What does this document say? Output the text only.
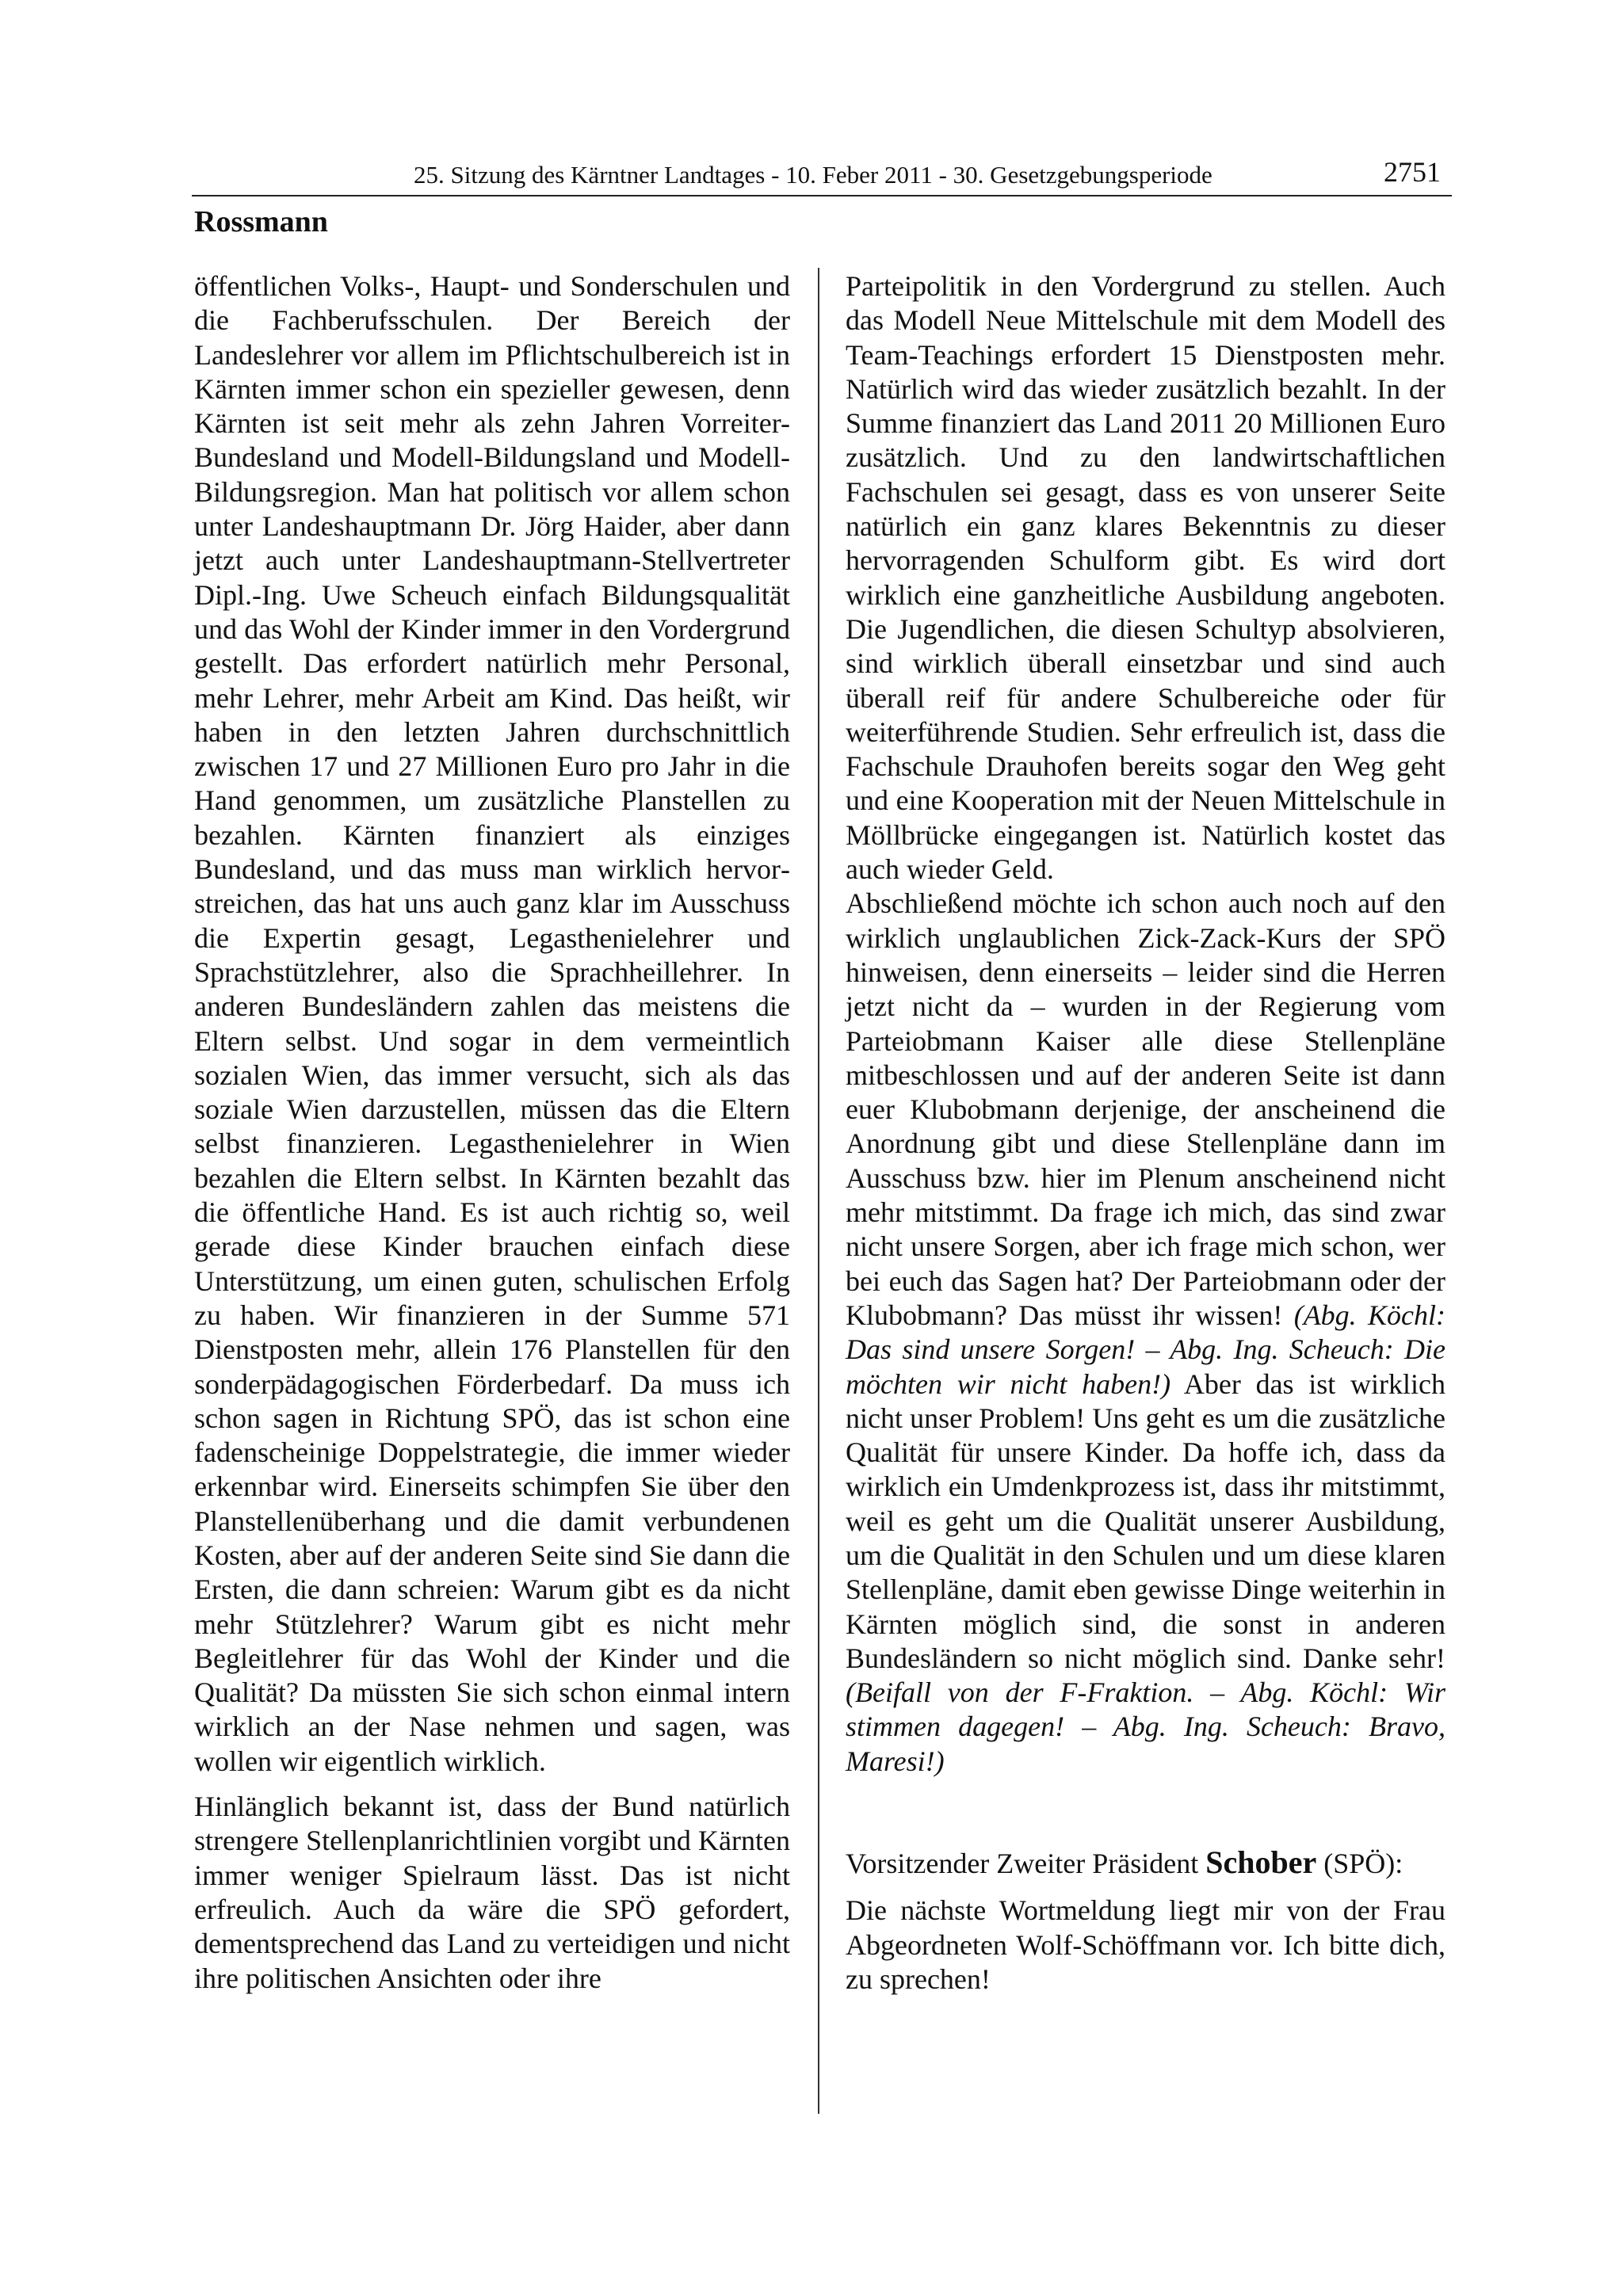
25. Sitzung des Kärntner Landtages - 10. Feber 2011 - 30. Gesetzgebungsperiode	2751
Rossmann

öffentlichen Volks-, Haupt- und Sonderschulen und die Fachberufsschulen. Der Bereich der Landeslehrer vor allem im Pflichtschulbereich ist in Kärnten immer schon ein spezieller gewesen, denn Kärnten ist seit mehr als zehn Jahren Vorreiter-Bundesland und Modell-Bildungsland und Modell-Bildungsregion. Man hat politisch vor allem schon unter Landeshauptmann Dr. Jörg Haider, aber dann jetzt auch unter Landeshauptmann-Stellvertreter Dipl.-Ing. Uwe Scheuch einfach Bildungsqualität und das Wohl der Kinder immer in den Vordergrund gestellt. Das erfordert natürlich mehr Personal, mehr Lehrer, mehr Arbeit am Kind. Das heißt, wir haben in den letzten Jahren durchschnittlich zwischen 17 und 27 Millionen Euro pro Jahr in die Hand genommen, um zusätzliche Planstellen zu bezahlen. Kärnten finanziert als einziges Bundesland, und das muss man wirklich hervorstreichen, das hat uns auch ganz klar im Ausschuss die Expertin gesagt, Legasthenielehrer und Sprachstützlehrer, also die Sprachheillehrer. In anderen Bundesländern zahlen das meistens die Eltern selbst. Und sogar in dem vermeintlich sozialen Wien, das immer versucht, sich als das soziale Wien darzustellen, müssen das die Eltern selbst finanzieren. Legasthenielehrer in Wien bezahlen die Eltern selbst. In Kärnten bezahlt das die öffentliche Hand. Es ist auch richtig so, weil gerade diese Kinder brauchen einfach diese Unterstützung, um einen guten, schulischen Erfolg zu haben. Wir finanzieren in der Summe 571 Dienstposten mehr, allein 176 Planstellen für den sonderpädagogischen Förderbedarf. Da muss ich schon sagen in Richtung SPÖ, das ist schon eine fadenscheinige Doppelstrategie, die immer wieder erkennbar wird. Einerseits schimpfen Sie über den Planstellenüberhang und die damit verbundenen Kosten, aber auf der anderen Seite sind Sie dann die Ersten, die dann schreien: Warum gibt es da nicht mehr Stützlehrer? Warum gibt es nicht mehr Begleitlehrer für das Wohl der Kinder und die Qualität? Da müssten Sie sich schon einmal intern wirklich an der Nase nehmen und sagen, was wollen wir eigentlich wirklich.

Hinlänglich bekannt ist, dass der Bund natürlich strengere Stellenplanrichtlinien vorgibt und Kärnten immer weniger Spielraum lässt. Das ist nicht erfreulich. Auch da wäre die SPÖ gefordert, dementsprechend das Land zu verteidigen und nicht ihre politischen Ansichten oder ihre

Parteipolitik in den Vordergrund zu stellen. Auch das Modell Neue Mittelschule mit dem Modell des Team-Teachings erfordert 15 Dienstposten mehr. Natürlich wird das wieder zusätzlich bezahlt. In der Summe finanziert das Land 2011 20 Millionen Euro zusätzlich. Und zu den landwirtschaftlichen Fachschulen sei gesagt, dass es von unserer Seite natürlich ein ganz klares Bekenntnis zu dieser hervorragenden Schulform gibt. Es wird dort wirklich eine ganzheitliche Ausbildung angeboten. Die Jugendlichen, die diesen Schultyp absolvieren, sind wirklich überall einsetzbar und sind auch überall reif für andere Schulbereiche oder für weiterführende Studien. Sehr erfreulich ist, dass die Fachschule Drauhofen bereits sogar den Weg geht und eine Kooperation mit der Neuen Mittelschule in Möllbrücke eingegangen ist. Natürlich kostet das auch wieder Geld.

Abschließend möchte ich schon auch noch auf den wirklich unglaublichen Zick-Zack-Kurs der SPÖ hinweisen, denn einerseits – leider sind die Herren jetzt nicht da – wurden in der Regierung vom Parteiobmann Kaiser alle diese Stellenpläne mitbeschlossen und auf der anderen Seite ist dann euer Klubobmann derjenige, der anscheinend die Anordnung gibt und diese Stellenpläne dann im Ausschuss bzw. hier im Plenum anscheinend nicht mehr mitstimmt. Da frage ich mich, das sind zwar nicht unsere Sorgen, aber ich frage mich schon, wer bei euch das Sagen hat? Der Parteiobmann oder der Klubobmann? Das müsst ihr wissen! (Abg. Köchl: Das sind unsere Sorgen! – Abg. Ing. Scheuch: Die möchten wir nicht haben!) Aber das ist wirklich nicht unser Problem! Uns geht es um die zusätzliche Qualität für unsere Kinder. Da hoffe ich, dass da wirklich ein Umdenkprozess ist, dass ihr mitstimmt, weil es geht um die Qualität unserer Ausbildung, um die Qualität in den Schulen und um diese klaren Stellenpläne, damit eben gewisse Dinge weiterhin in Kärnten möglich sind, die sonst in anderen Bundesländern so nicht möglich sind. Danke sehr! (Beifall von der F-Fraktion. – Abg. Köchl: Wir stimmen dagegen! – Abg. Ing. Scheuch: Bravo, Maresi!)

Vorsitzender Zweiter Präsident Schober (SPÖ):

Die nächste Wortmeldung liegt mir von der Frau Abgeordneten Wolf-Schöffmann vor. Ich bitte dich, zu sprechen!
